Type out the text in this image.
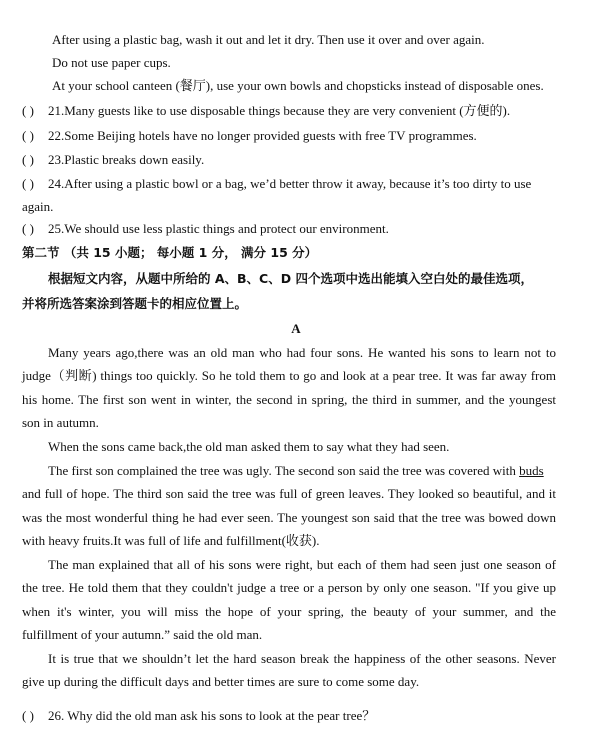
After using a plastic bag, wash it out and let it dry. Then use it over and over again.
Do not use paper cups.
At your school canteen (餐厅), use your own bowls and chopsticks instead of disposable ones.
( ) 21.Many guests like to use disposable things because they are very convenient (方便的).
( ) 22.Some Beijing hotels have no longer provided guests with free TV programmes.
( ) 23.Plastic breaks down easily.
( ) 24.After using a plastic bowl or a bag, we’d better throw it away, because it’s too dirty to use
again.
( ) 25.We should use less plastic things and protect our environment.
第二节 （共 15 小题； 每小题 1 分， 满分 15 分）
根据短文内容，从题中所给的 A、B、C、D 四个选项中选出能填入空白处的最佳选项，
并将所选答案涂到答题卡的相应位置上。
A
Many years ago,there was an old man who had four sons. He wanted his sons to learn not to
judge（判断) things too quickly. So he told them to go and look at a pear tree. It was far away from
his home. The first son went in winter, the second in spring, the third in summer, and the youngest
son in autumn.
When the sons came back,the old man asked them to say what they had seen.
The first son complained the tree was ugly. The second son said the tree was covered with buds
and full of hope. The third son said the tree was full of green leaves. They looked so beautiful, and it
was the most wonderful thing he had ever seen. The youngest son said that the tree was bowed down
with heavy fruits.It was full of life and fulfillment(收获).
The man explained that all of his sons were right, but each of them had seen just one season of
the tree. He told them that they couldn't judge a tree or a person by only one season. "If you give up
when it's winter, you will miss the hope of your spring, the beauty of your summer, and the
fulfillment of your autumn.” said the old man.
It is true that we shouldn’t let the hard season break the happiness of the other seasons. Never
give up during the difficult days and better times are sure to come some day.
( ) 26. Why did the old man ask his sons to look at the pear tree？
